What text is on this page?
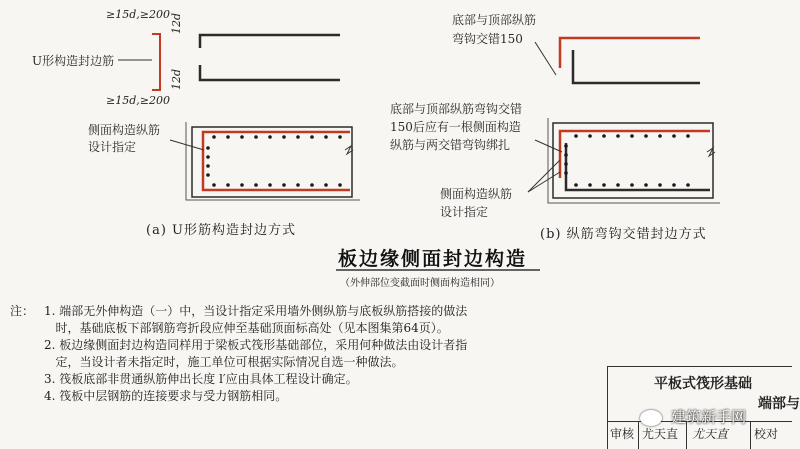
≥15d,≥200
≥15d,≥200
12d
12d
U形构造封边筋
侧面构造纵筋
设计指定
(a) U形筋构造封边方式
底部与顶部纵筋
弯钩交错150
底部与顶部纵筋弯钩交错
150后应有一根侧面构造
纵筋与两交错弯钩绑扎
侧面构造纵筋
设计指定
(b) 纵筋弯钩交错封边方式
板边缘侧面封边构造
（外伸部位变截面时侧面构造相同）
注： 1. 端部无外伸构造（一）中，当设计指定采用墙外侧纵筋与底板纵筋搭接的做法
时，基础底板下部钢筋弯折段应伸至基础顶面标高处（见本图集第64页）。
2. 板边缘侧面封边构造同样用于梁板式筏形基础部位，采用何种做法由设计者指
定，当设计者未指定时，施工单位可根据实际情况自选一种做法。
3. 筏板底部非贯通纵筋伸出长度 l′应由具体工程设计确定。
4. 筏板中层钢筋的连接要求与受力钢筋相同。
平板式筏形基础
端部与
审核 尤天直 尤天直 校对
建筑新手网
